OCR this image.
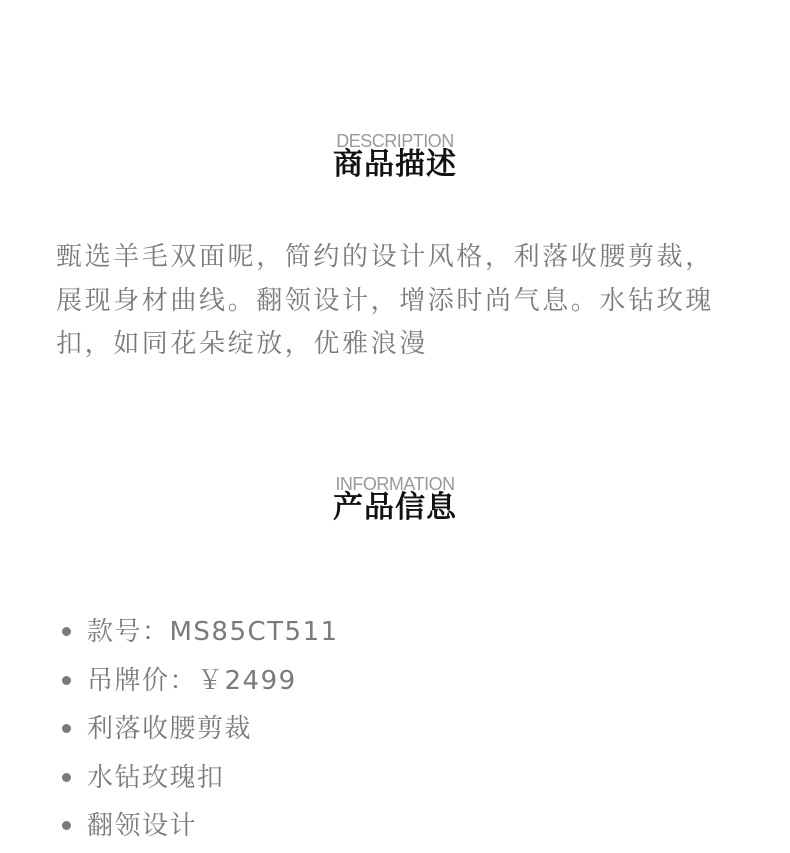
DESCRIPTION
商品描述

甄选羊毛双面呢，简约的设计风格，利落收腰剪裁，展现身材曲线。翻领设计，增添时尚气息。水钻玫瑰扣，如同花朵绽放，优雅浪漫

INFORMATION
产品信息
款号：MS85CT511
吊牌价：￥2499
利落收腰剪裁
水钻玫瑰扣
翻领设计
